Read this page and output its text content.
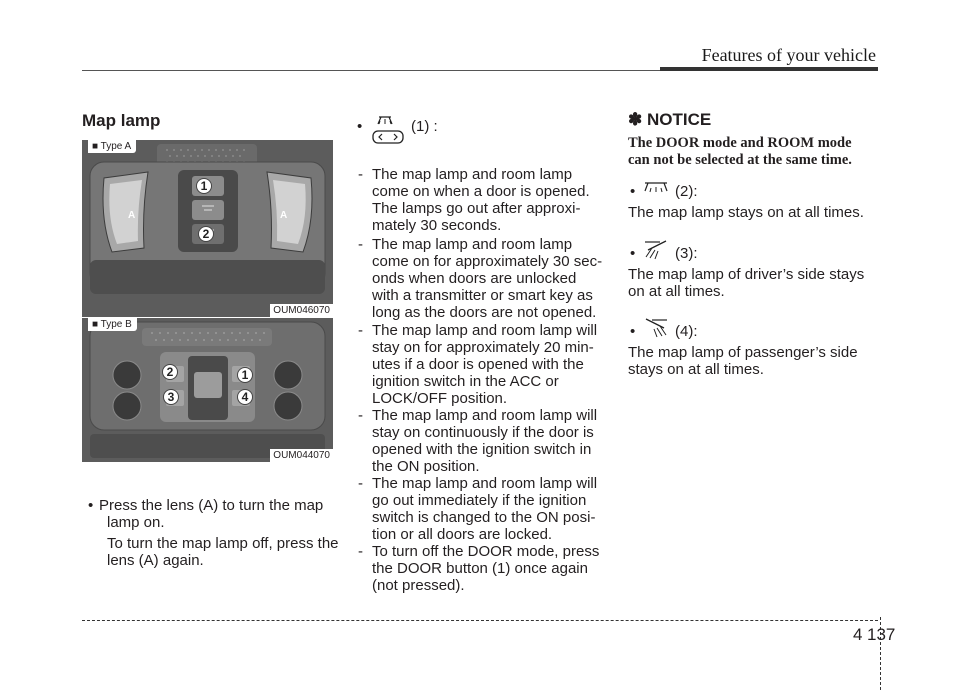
Features of your vehicle
Map lamp
1
2
A	A
■ Type A
OUM046070
2	1
3	4
■ Type B
OUM044070
• Press the lens (A) to turn the map
lamp on.
To turn the map lamp off, press the
lens (A) again.
•	(1) :
- The map lamp and room lamp
come on when a door is opened.
The lamps go out after approxi-
mately 30 seconds.
- The map lamp and room lamp
come on for approximately 30 sec-
onds when doors are unlocked
with a transmitter or smart key as
long as the doors are not opened.
- The map lamp and room lamp will
stay on for approximately 20 min-
utes if a door is opened with the
ignition switch in the ACC or
LOCK/OFF position.
- The map lamp and room lamp will
stay on continuously if the door is
opened with the ignition switch in
the ON position.
- The map lamp and room lamp will
go out immediately if the ignition
switch is changed to the ON posi-
tion or all doors are locked.
- To turn off the DOOR mode, press
the DOOR button (1) once again
(not pressed).
✽ NOTICE
The DOOR mode and ROOM mode
can not be selected at the same time.
•	(2):
The map lamp stays on at all times.
•	(3):
The map lamp of driver’s side stays
on at all times.
•	(4):
The map lamp of passenger’s side
stays on at all times.
4 137
